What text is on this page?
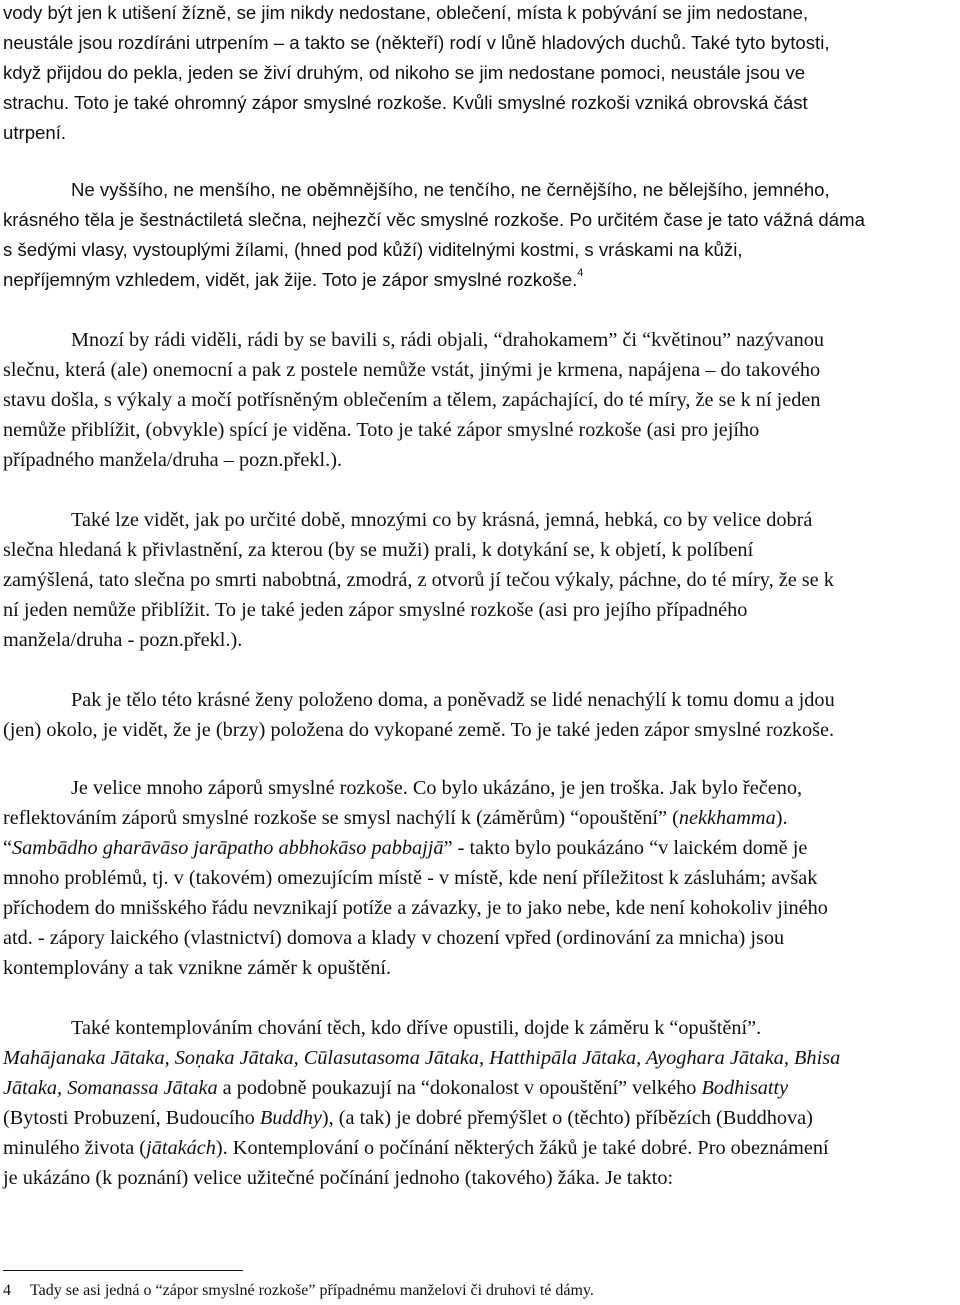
vody být jen k utišení žízně, se jim nikdy nedostane, oblečení, místa k pobývání se jim nedostane,
neustále jsou rozdíráni utrpením – a takto se (někteří) rodí v lůně hladových duchů. Také tyto bytosti,
když přijdou do pekla, jeden se živí druhým, od nikoho se jim nedostane pomoci, neustále jsou ve
strachu. Toto je také ohromný zápor smyslné rozkoše. Kvůli smyslné rozkoši vzniká obrovská část
utrpení.
Ne vyššího, ne menšího, ne oběmnějšího, ne tenčího, ne černějšího, ne bělejšího, jemného,
krásného těla je šestnáctiletá slečna, nejhezčí věc smyslné rozkoše. Po určitém čase je tato vážná dáma
s šedými vlasy, vystouplými žílami, (hned pod kůží) viditelnými kostmi, s vráskami na kůži,
nepříjemným vzhledem, vidět, jak žije. Toto je zápor smyslné rozkoše.$^4$
Mnozí by rádi viděli, rádi by se bavili s, rádi objali, “drahokamem” či “květinou” nazývanou
slečnu, která (ale) onemocní a pak z postele nemůže vstát, jinými je krmena, napájena – do takového
stavu došla, s výkaly a močí potřísněným oblečením a tělem, zapáchající, do té míry, že se k ní jeden
nemůže přiblížit, (obvykle) spící je viděna. Toto je také zápor smyslné rozkoše (asi pro jejího
případného manžela/druha – pozn.překl.).
Také lze vidět, jak po určité době, mnozými co by krásná, jemná, hebká, co by velice dobrá
slečna hledaná k přivlastnění, za kterou (by se muži) prali, k dotykání se, k objetí, k políbení
zamýšlená, tato slečna po smrti nabobtná, zmodrá, z otvorů jí tečou výkaly, páchne, do té míry, že se k
ní jeden nemůže přiblížit. To je také jeden zápor smyslné rozkoše (asi pro jejího případného
manžela/druha - pozn.překl.).
Pak je tělo této krásné ženy položeno doma, a poněvadž se lidé nenachýlí k tomu domu a jdou
(jen) okolo, je vidět, že je (brzy) položena do vykopané země. To je také jeden zápor smyslné rozkoše.
Je velice mnoho záporů smyslné rozkoše. Co bylo ukázáno, je jen troška. Jak bylo řečeno,
reflektováním záporů smyslné rozkoše se smysl nachýlí k (záměrům) “opouštění” (nekkhamma).
“Sambādho gharāvāso jarāpatho abbhokāso pabbajjā” - takto bylo poukázáno “v laickém domě je
mnoho problémů, tj. v (takovém) omezujícím místě - v místě, kde není příležitost k zásluhám; avšak
příchodem do mnišského řádu nevznikají potíže a závazky, je to jako nebe, kde není kohokoliv jiného
atd. - zápory laického (vlastnictví) domova a klady v chození vpřed (ordinování za mnicha) jsou
kontemplovány a tak vznikne záměr k opuštění.
Také kontemplováním chování těch, kdo dříve opustili, dojde k záměru k “opuštění”.
Mahājanaka Jātaka, Soṇaka Jātaka, Cūlasutasoma Jātaka, Hatthipāla Jātaka, Ayoghara Jātaka, Bhisa
Jātaka, Somanassa Jātaka a podobně poukazují na “dokonalost v opouštění” velkého Bodhisatty
(Bytosti Probuzení, Budoucího Buddhy), (a tak) je dobré přemýšlet o (těchto) příbězích (Buddhova)
minulého života (jātakách). Kontemplování o počínání některých žáků je také dobré. Pro obeznámení
je ukázáno (k poznání) velice užitečné počínání jednoho (takového) žáka. Je takto:
4 Tady se asi jedná o “zápor smyslné rozkoše” případnému manželovi či druhovi té dámy.
